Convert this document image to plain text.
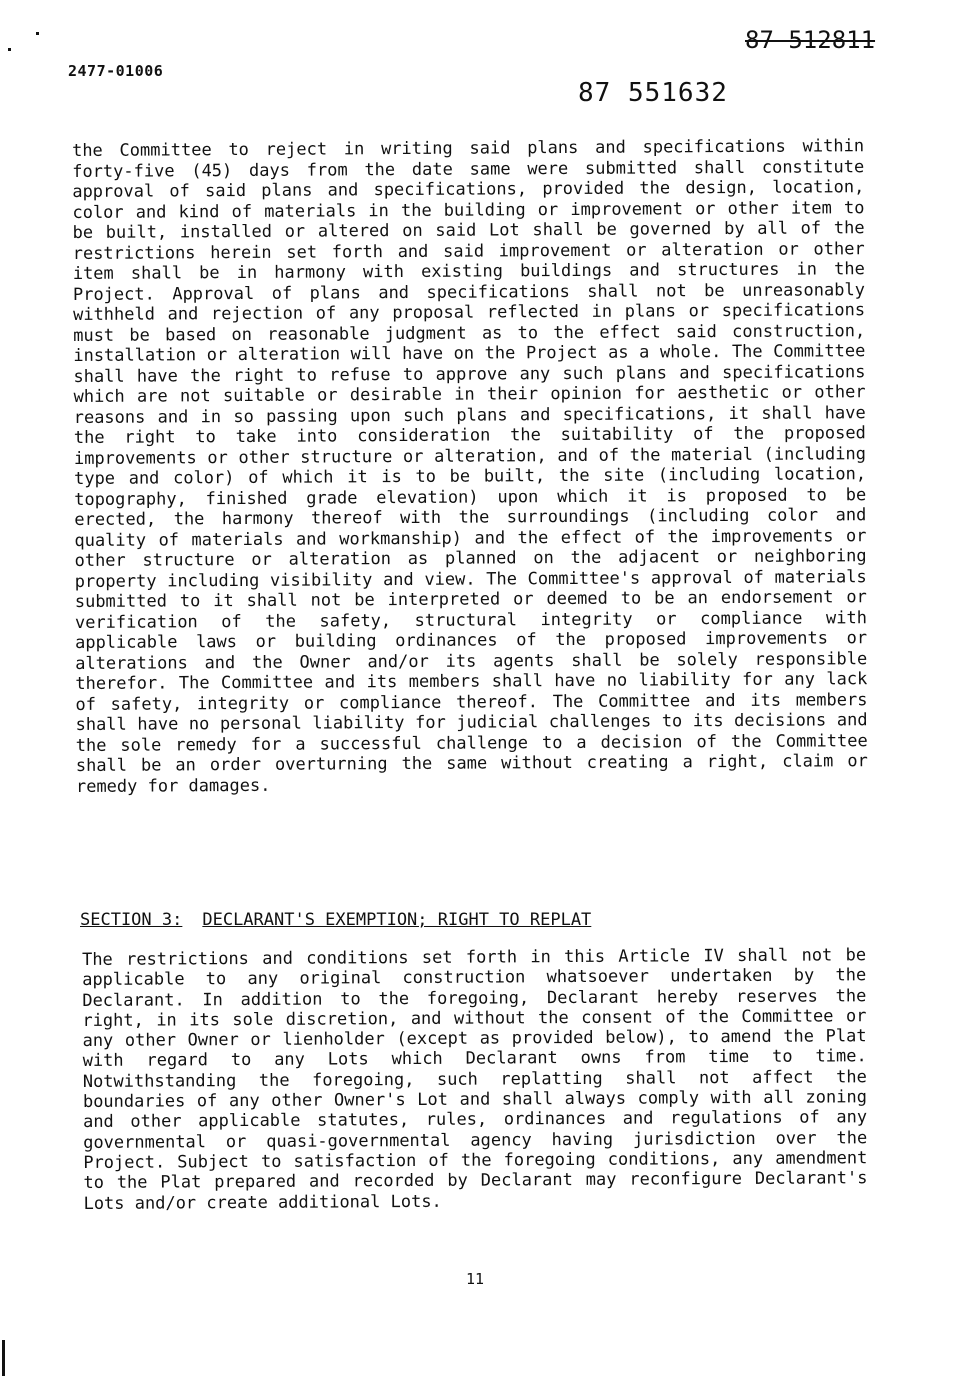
2477-01006
87 512811
87 551632

the Committee to reject in writing said plans and specifications within forty-five (45) days from the date same were submitted shall constitute approval of said plans and specifications, provided the design, location, color and kind of materials in the building or improvement or other item to be built, installed or altered on said Lot shall be governed by all of the restrictions herein set forth and said improvement or alteration or other item shall be in harmony with existing buildings and structures in the Project. Approval of plans and specifications shall not be unreasonably withheld and rejection of any proposal reflected in plans or specifications must be based on reasonable judgment as to the effect said construction, installation or alteration will have on the Project as a whole. The Committee shall have the right to refuse to approve any such plans and specifications which are not suitable or desirable in their opinion for aesthetic or other reasons and in so passing upon such plans and specifications, it shall have the right to take into consideration the suitability of the proposed improvements or other structure or alteration, and of the material (including type and color) of which it is to be built, the site (including location, topography, finished grade elevation) upon which it is proposed to be erected, the harmony thereof with the surroundings (including color and quality of materials and workmanship) and the effect of the improvements or other structure or alteration as planned on the adjacent or neighboring property including visibility and view. The Committee's approval of materials submitted to it shall not be interpreted or deemed to be an endorsement or verification of the safety, structural integrity or compliance with applicable laws or building ordinances of the proposed improvements or alterations and the Owner and/or its agents shall be solely responsible therefor. The Committee and its members shall have no liability for any lack of safety, integrity or compliance thereof. The Committee and its members shall have no personal liability for judicial challenges to its decisions and the sole remedy for a successful challenge to a decision of the Committee shall be an order overturning the same without creating a right, claim or remedy for damages.

SECTION 3: DECLARANT'S EXEMPTION; RIGHT TO REPLAT

The restrictions and conditions set forth in this Article IV shall not be applicable to any original construction whatsoever undertaken by the Declarant. In addition to the foregoing, Declarant hereby reserves the right, in its sole discretion, and without the consent of the Committee or any other Owner or lienholder (except as provided below), to amend the Plat with regard to any Lots which Declarant owns from time to time. Notwithstanding the foregoing, such replatting shall not affect the boundaries of any other Owner's Lot and shall always comply with all zoning and other applicable statutes, rules, ordinances and regulations of any governmental or quasi-governmental agency having jurisdiction over the Project. Subject to satisfaction of the foregoing conditions, any amendment to the Plat prepared and recorded by Declarant may reconfigure Declarant's Lots and/or create additional Lots.

11
